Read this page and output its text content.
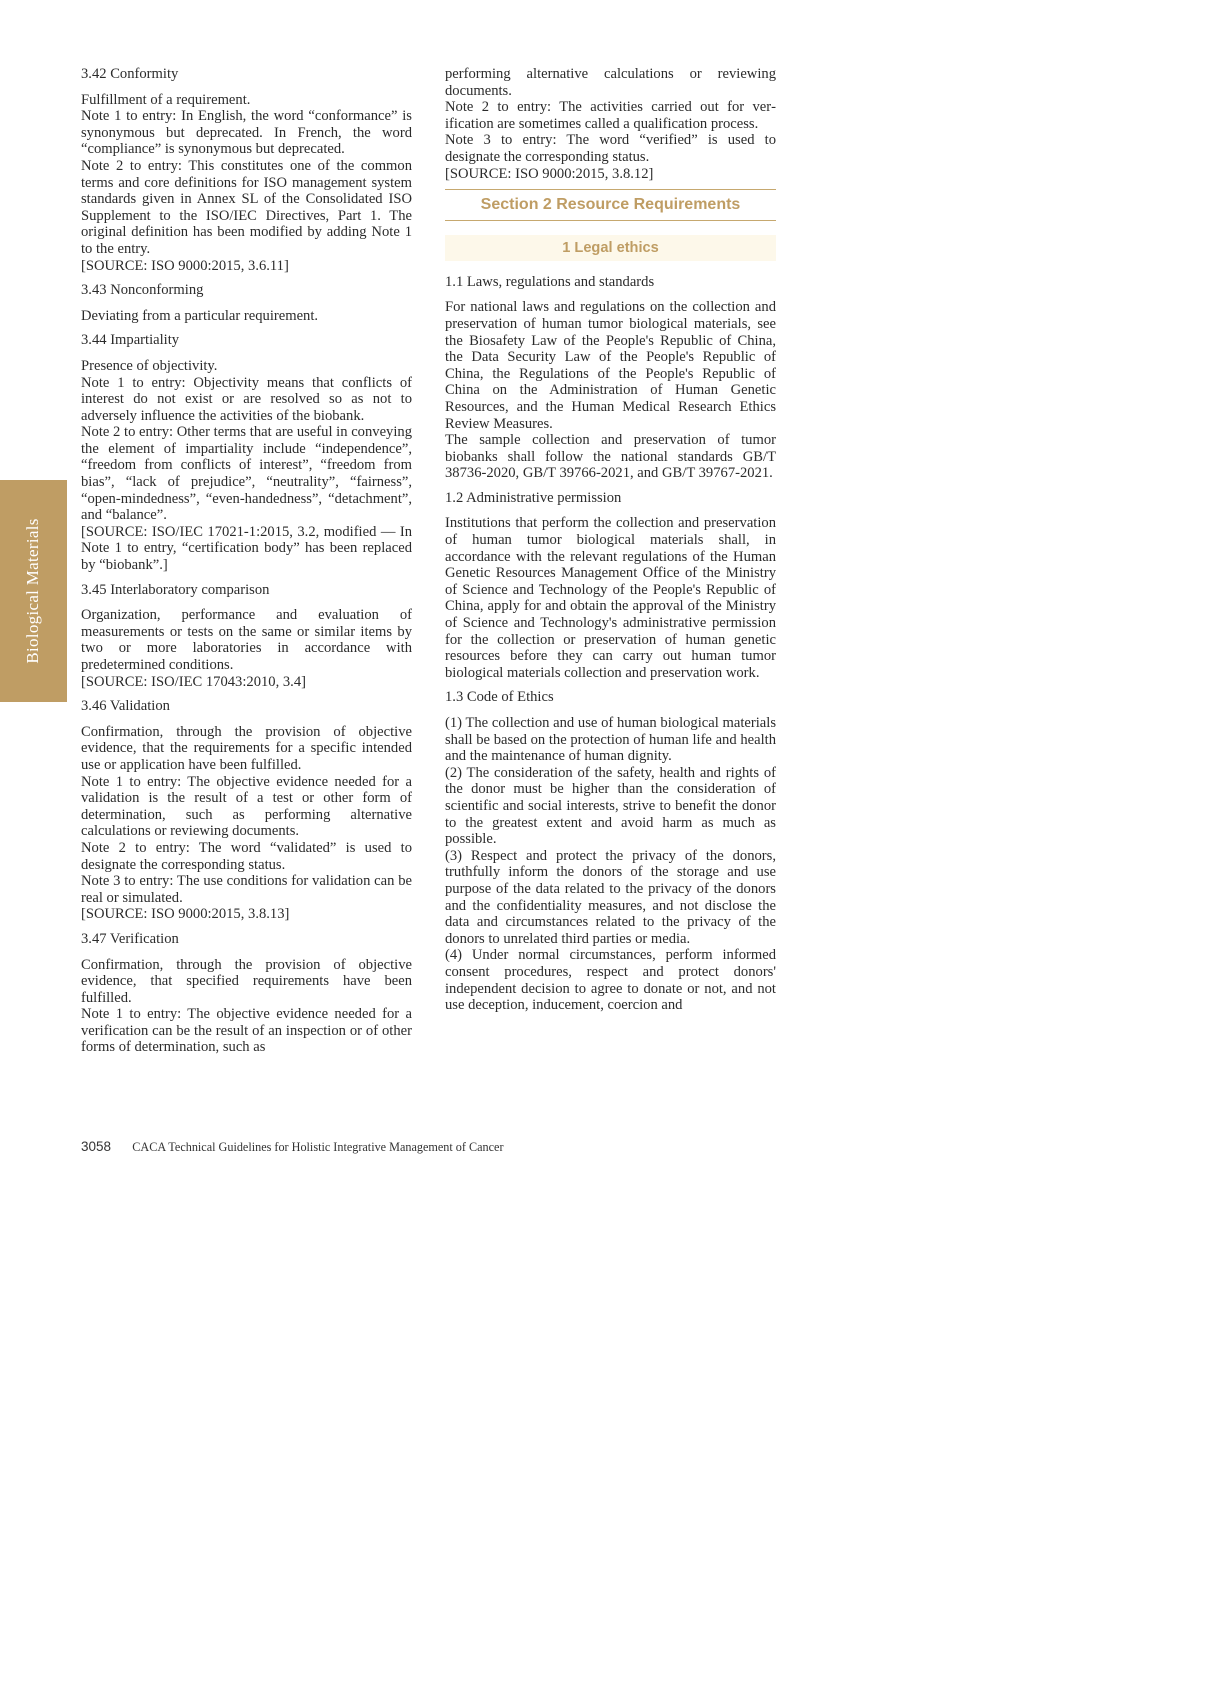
Biological Materials
3.42 Conformity

Fulfillment of a requirement.

Note 1 to entry: In English, the word “conformance” is synonymous but deprecated. In French, the word “compliance” is synonymous but deprecated.

Note 2 to entry: This constitutes one of the common terms and core definitions for ISO management system standards given in Annex SL of the Consolidated ISO Supplement to the ISO/IEC Directives, Part 1. The original definition has been modified by adding Note 1 to the entry.

[SOURCE: ISO 9000:2015, 3.6.11]

3.43 Nonconforming

Deviating from a particular requirement.

3.44 Impartiality

Presence of objectivity.

Note 1 to entry: Objectivity means that conflicts of interest do not exist or are resolved so as not to adversely influence the activities of the biobank.

Note 2 to entry: Other terms that are useful in conveying the element of impartiality include “independence”, “freedom from conflicts of interest”, “freedom from bias”, “lack of prejudice”, “neutrality”, “fairness”, “open-mindedness”, “even-handedness”, “detachment”, and “balance”.

[SOURCE: ISO/IEC 17021-1:2015, 3.2, modified — In Note 1 to entry, “certification body” has been replaced by “biobank”.]

3.45 Interlaboratory comparison

Organization, performance and evaluation of measurements or tests on the same or similar items by two or more laboratories in accordance with predetermined conditions.

[SOURCE: ISO/IEC 17043:2010, 3.4]

3.46 Validation

Confirmation, through the provision of objective evidence, that the requirements for a specific intended use or application have been fulfilled.

Note 1 to entry: The objective evidence needed for a validation is the result of a test or other form of determination, such as performing alternative calculations or reviewing documents.

Note 2 to entry: The word “validated” is used to designate the corresponding status.

Note 3 to entry: The use conditions for validation can be real or simulated.

[SOURCE: ISO 9000:2015, 3.8.13]

3.47 Verification

Confirmation, through the provision of objective evidence, that specified requirements have been fulfilled.

Note 1 to entry: The objective evidence needed for a verification can be the result of an inspection or of other forms of determination, such as

performing alternative calculations or reviewing documents.

Note 2 to entry: The activities carried out for verification are sometimes called a qualification process.

Note 3 to entry: The word “verified” is used to designate the corresponding status.

[SOURCE: ISO 9000:2015, 3.8.12]

Section 2 Resource Requirements
1 Legal ethics
1.1 Laws, regulations and standards

For national laws and regulations on the collection and preservation of human tumor biological materials, see the Biosafety Law of the People's Republic of China, the Data Security Law of the People's Republic of China, the Regulations of the People's Republic of China on the Administration of Human Genetic Resources, and the Human Medical Research Ethics Review Measures.

The sample collection and preservation of tumor biobanks shall follow the national standards GB/T 38736-2020, GB/T 39766-2021, and GB/T 39767-2021.

1.2 Administrative permission

Institutions that perform the collection and preservation of human tumor biological materials shall, in accordance with the relevant regulations of the Human Genetic Resources Management Office of the Ministry of Science and Technology of the People's Republic of China, apply for and obtain the approval of the Ministry of Science and Technology's administrative permission for the collection or preservation of human genetic resources before they can carry out human tumor biological materials collection and preservation work.

1.3 Code of Ethics

(1) The collection and use of human biological materials shall be based on the protection of human life and health and the maintenance of human dignity.

(2) The consideration of the safety, health and rights of the donor must be higher than the consideration of scientific and social interests, strive to benefit the donor to the greatest extent and avoid harm as much as possible.

(3) Respect and protect the privacy of the donors, truthfully inform the donors of the storage and use purpose of the data related to the privacy of the donors and the confidentiality measures, and not disclose the data and circumstances related to the privacy of the donors to unrelated third parties or media.

(4) Under normal circumstances, perform informed consent procedures, respect and protect donors' independent decision to agree to donate or not, and not use deception, inducement, coercion and

3058 CACA Technical Guidelines for Holistic Integrative Management of Cancer
